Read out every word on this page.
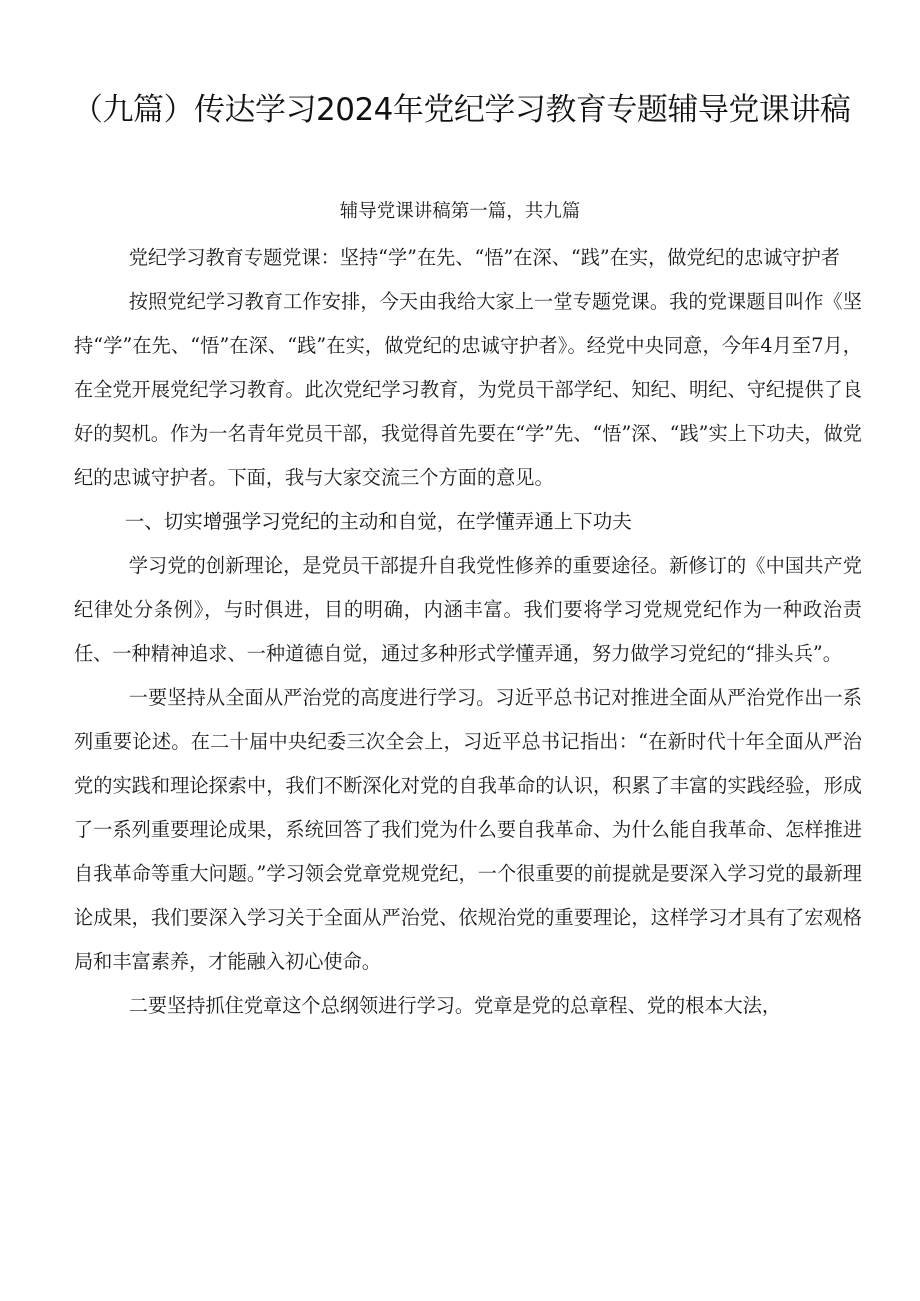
（九篇）传达学习2024年党纪学习教育专题辅导党课讲稿
辅导党课讲稿第一篇，共九篇

党纪学习教育专题党课：坚持“学”在先、“悟”在深、“践”在实，做党纪的忠诚守护者

按照党纪学习教育工作安排，今天由我给大家上一堂专题党课。我的党课题目叫作《坚持“学”在先、“悟”在深、“践”在实，做党纪的忠诚守护者》。经党中央同意，今年4月至7月，在全党开展党纪学习教育。此次党纪学习教育，为党员干部学纪、知纪、明纪、守纪提供了良好的契机。作为一名青年党员干部，我觉得首先要在“学”先、“悟”深、“践”实上下功夫，做党纪的忠诚守护者。下面，我与大家交流三个方面的意见。

一、切实增强学习党纪的主动和自觉，在学懂弄通上下功夫

学习党的创新理论，是党员干部提升自我党性修养的重要途径。新修订的《中国共产党纪律处分条例》，与时俱进，目的明确，内涵丰富。我们要将学习党规党纪作为一种政治责任、一种精神追求、一种道德自觉，通过多种形式学懂弄通，努力做学习党纪的“排头兵”。

一要坚持从全面从严治党的高度进行学习。习近平总书记对推进全面从严治党作出一系列重要论述。在二十届中央纪委三次全会上，习近平总书记指出：“在新时代十年全面从严治党的实践和理论探索中，我们不断深化对党的自我革命的认识，积累了丰富的实践经验，形成了一系列重要理论成果，系统回答了我们党为什么要自我革命、为什么能自我革命、怎样推进自我革命等重大问题。”学习领会党章党规党纪，一个很重要的前提就是要深入学习党的最新理论成果，我们要深入学习关于全面从严治党、依规治党的重要理论，这样学习才具有了宏观格局和丰富素养，才能融入初心使命。

二要坚持抓住党章这个总纲领进行学习。党章是党的总章程、党的根本大法，
